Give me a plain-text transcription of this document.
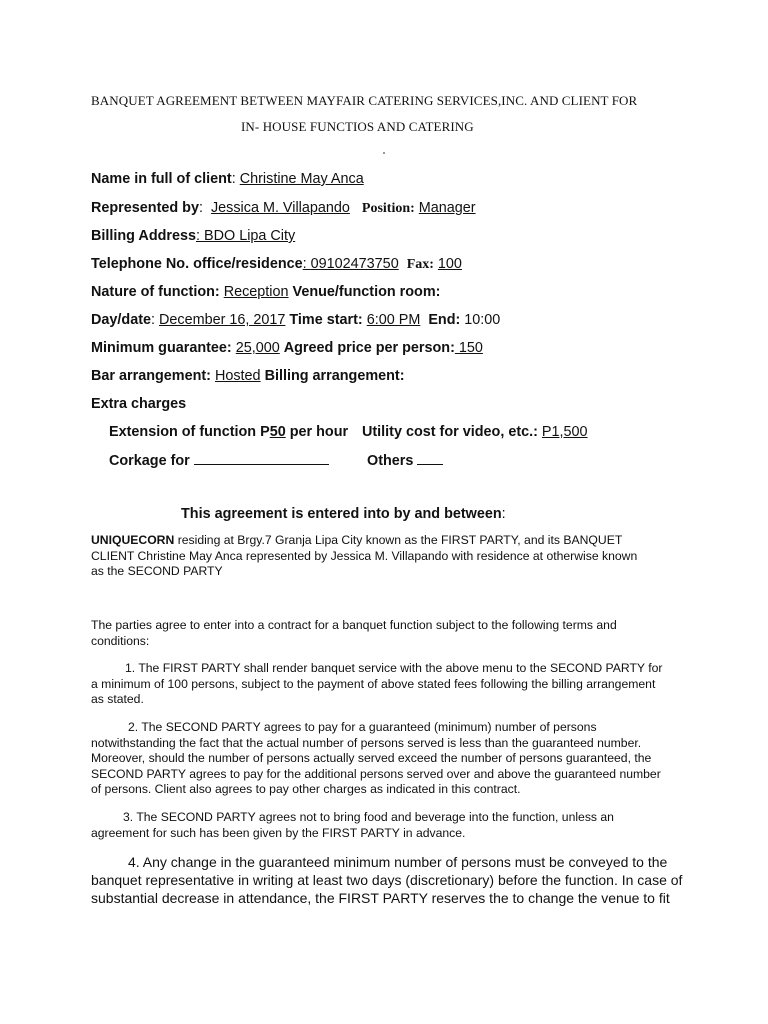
BANQUET AGREEMENT BETWEEN MAYFAIR CATERING SERVICES,INC. AND CLIENT FOR
IN- HOUSE FUNCTIOS AND CATERING
Name in full of client: Christine May Anca
Represented by:  Jessica M. Villapando Position: Manager
Billing Address: BDO Lipa City
Telephone No. office/residence: 09102473750 Fax: 100
Nature of function: Reception Venue/function room:
Day/date: December 16, 2017 Time start: 6:00 PM End: 10:00
Minimum guarantee: 25,000 Agreed price per person: 150
Bar arrangement: Hosted Billing arrangement:
Extra charges
Extension of function P50 per hour Utility cost for video, etc.: P1,500
Corkage for	Others
This agreement is entered into by and between:
UNIQUECORN residing at Brgy.7 Granja Lipa City known as the FIRST PARTY, and its BANQUET CLIENT Christine May Anca represented by Jessica M. Villapando with residence at otherwise known as the SECOND PARTY
The parties agree to enter into a contract for a banquet function subject to the following terms and conditions:
1. The FIRST PARTY shall render banquet service with the above menu to the SECOND PARTY for a minimum of 100 persons, subject to the payment of above stated fees following the billing arrangement as stated.
2. The SECOND PARTY agrees to pay for a guaranteed (minimum) number of persons notwithstanding the fact that the actual number of persons served is less than the guaranteed number. Moreover, should the number of persons actually served exceed the number of persons guaranteed, the SECOND PARTY agrees to pay for the additional persons served over and above the guaranteed number of persons. Client also agrees to pay other charges as indicated in this contract.
3. The SECOND PARTY agrees not to bring food and beverage into the function, unless an agreement for such has been given by the FIRST PARTY in advance.
4. Any change in the guaranteed minimum number of persons must be conveyed to the banquet representative in writing at least two days (discretionary) before the function. In case of substantial decrease in attendance, the FIRST PARTY reserves the to change the venue to fit
